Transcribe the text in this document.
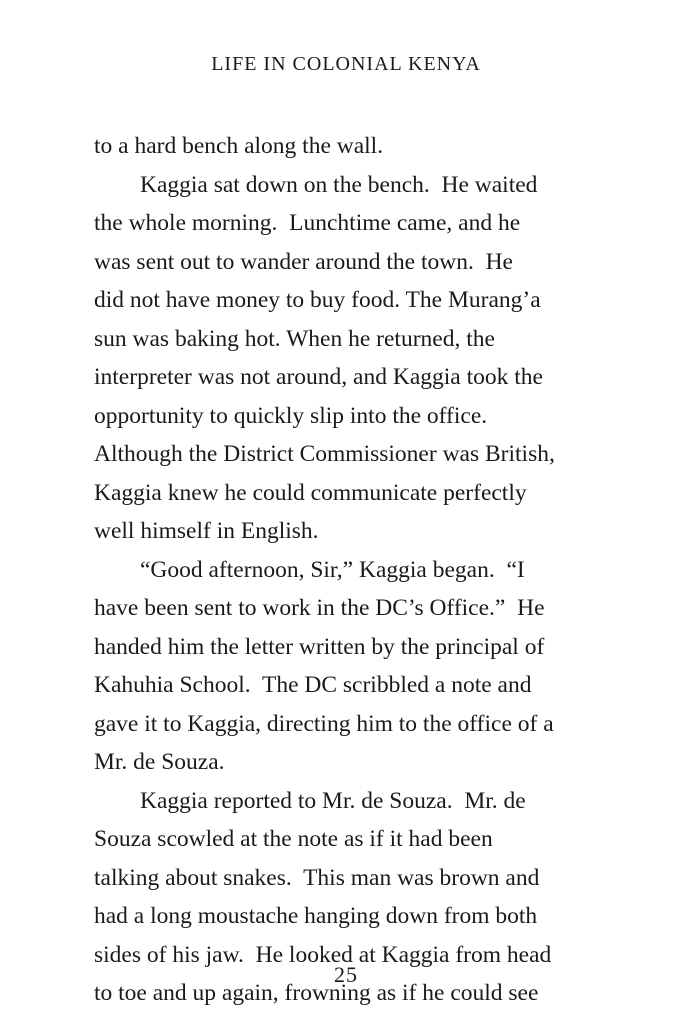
LIFE IN COLONIAL KENYA
to a hard bench along the wall.
Kaggia sat down on the bench.  He waited
the whole morning.  Lunchtime came, and he
was sent out to wander around the town.  He
did not have money to buy food. The Murang’a
sun was baking hot. When he returned, the
interpreter was not around, and Kaggia took the
opportunity to quickly slip into the office.
Although the District Commissioner was British,
Kaggia knew he could communicate perfectly
well himself in English.
“Good afternoon, Sir,” Kaggia began.  “I
have been sent to work in the DC’s Office.”  He
handed him the letter written by the principal of
Kahuhia School.  The DC scribbled a note and
gave it to Kaggia, directing him to the office of a
Mr. de Souza.
Kaggia reported to Mr. de Souza.  Mr. de
Souza scowled at the note as if it had been
talking about snakes.  This man was brown and
had a long moustache hanging down from both
sides of his jaw.  He looked at Kaggia from head
to toe and up again, frowning as if he could see
25
